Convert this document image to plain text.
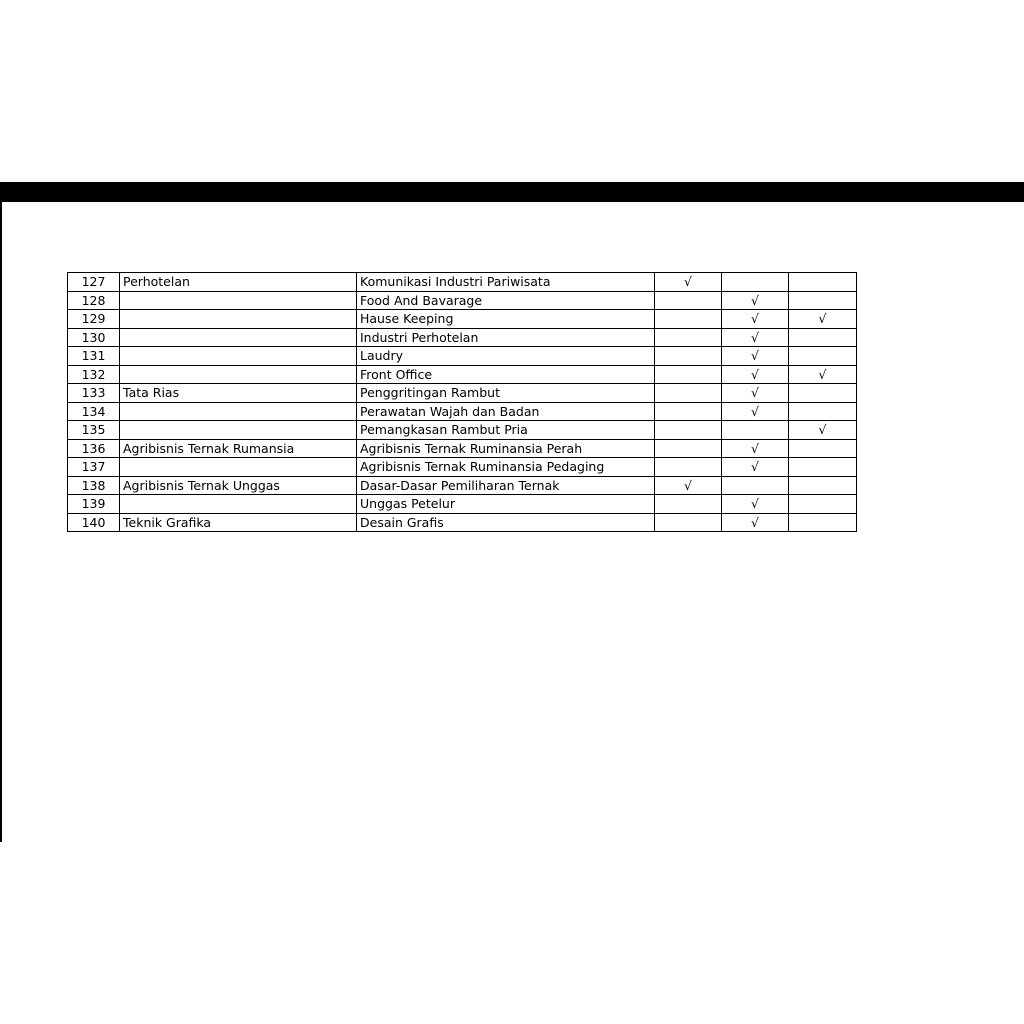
127	Perhotelan	Komunikasi Industri Pariwisata	√		
128		Food And Bavarage		√	
129		Hause Keeping		√	√
130		Industri Perhotelan		√	
131		Laudry		√	
132		Front Office		√	√
133	Tata Rias	Penggritingan Rambut		√	
134		Perawatan Wajah dan Badan		√	
135		Pemangkasan Rambut Pria			√
136	Agribisnis Ternak Rumansia	Agribisnis Ternak Ruminansia Perah		√	
137		Agribisnis Ternak Ruminansia Pedaging		√	
138	Agribisnis Ternak Unggas	Dasar-Dasar Pemiliharan Ternak	√		
139		Unggas Petelur		√	
140	Teknik Grafika	Desain Grafis		√	
